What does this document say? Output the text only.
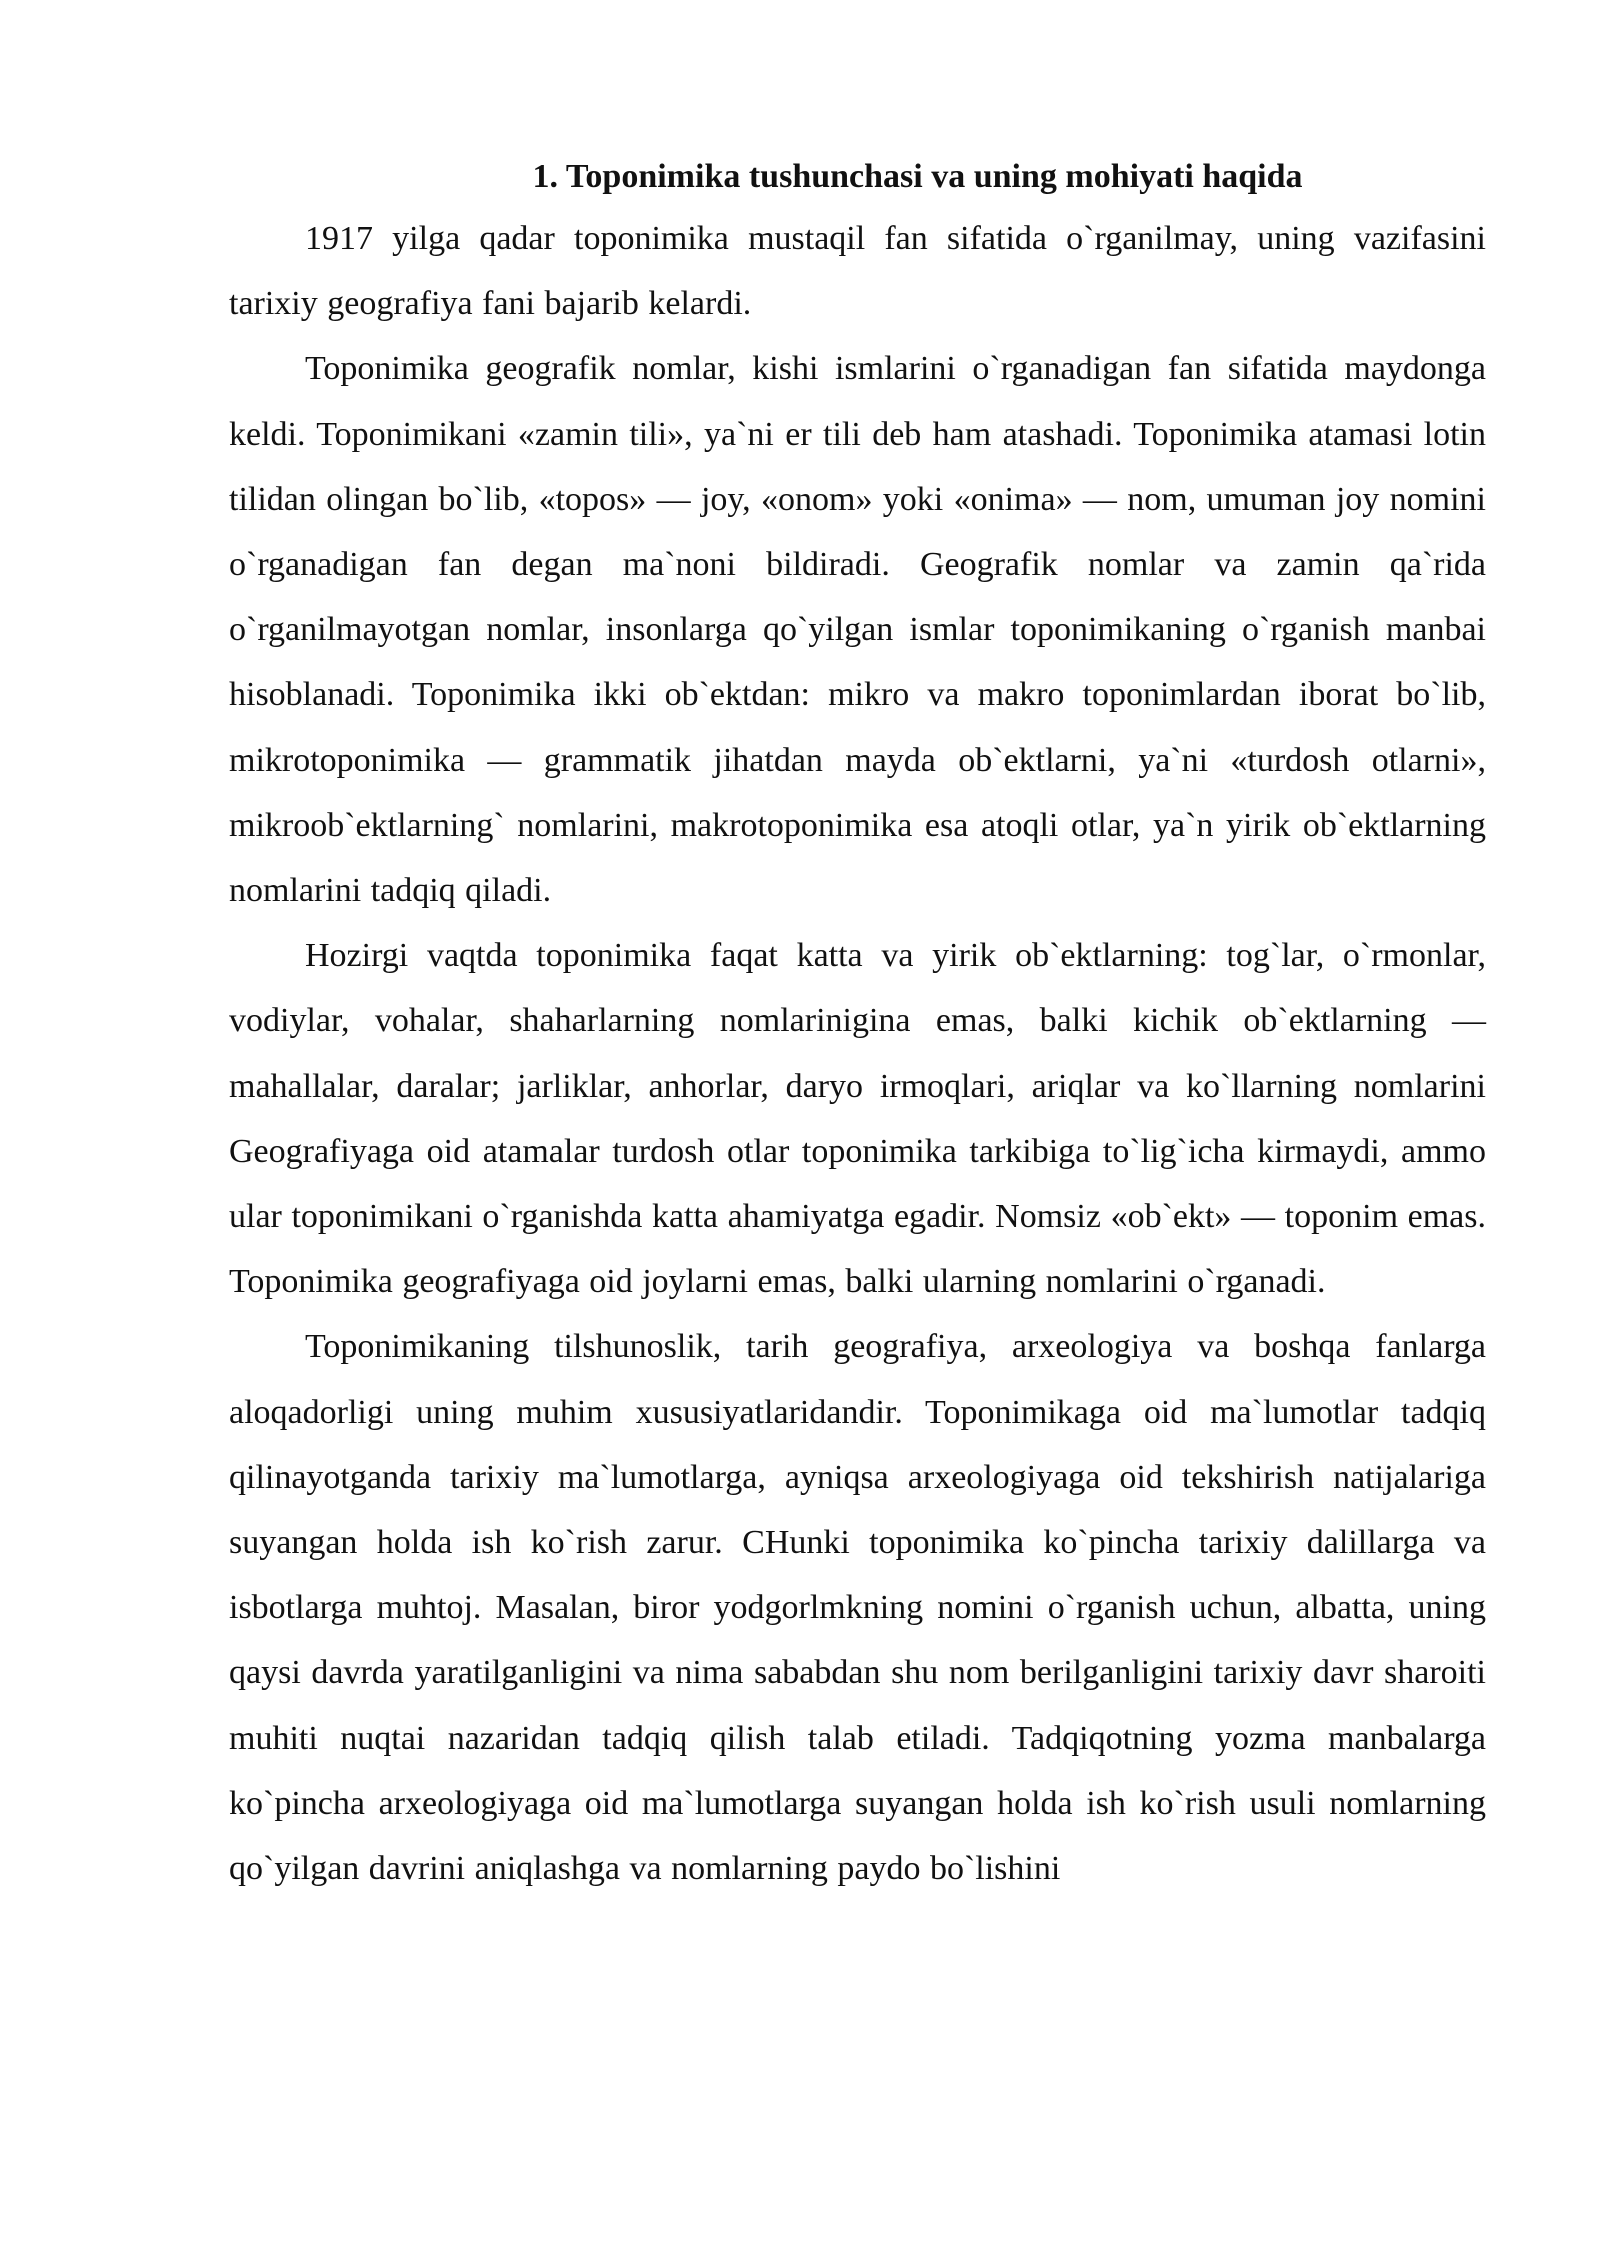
1. Toponimika tushunchasi va uning mohiyati haqida

1917 yilga qadar toponimika mustaqil fan sifatida o`rganilmay, uning vazifasini tarixiy geografiya fani bajarib kelardi.

Toponimika geografik nomlar, kishi ismlarini o`rganadigan fan sifatida maydonga keldi. Toponimikani «zamin tili», ya`ni er tili deb ham atashadi. Toponimika atamasi lotin tilidan olingan bo`lib, «topos» — joy, «onom» yoki «onima» — nom, umuman joy nomini o`rganadigan fan degan ma`noni bildiradi. Geografik nomlar va zamin qa`rida o`rganilmayotgan nomlar, insonlarga qo`yilgan ismlar toponimikaning o`rganish manbai hisoblanadi. Toponimika ikki ob`ektdan: mikro va makro toponimlardan iborat bo`lib, mikrotoponimika — grammatik jihatdan mayda ob`ektlarni, ya`ni «turdosh otlarni», mikroob`ektlarning` nomlarini, makrotoponimika esa atoqli otlar, ya`n yirik ob`ektlarning nomlarini tadqiq qiladi.

Hozirgi vaqtda toponimika faqat katta va yirik ob`ektlarning: tog`lar, o`rmonlar, vodiylar, vohalar, shaharlarning nomlarinigina emas, balki kichik ob`ektlarning — mahallalar, daralar; jarliklar, anhorlar, daryo irmoqlari, ariqlar va ko`llarning nomlarini Geografiyaga oid atamalar turdosh otlar toponimika tarkibiga to`lig`icha kirmaydi, ammo ular toponimikani o`rganishda katta ahamiyatga egadir. Nomsiz «ob`ekt» — toponim emas. Toponimika geografiyaga oid joylarni emas, balki ularning nomlarini o`rganadi.

Toponimikaning tilshunoslik, tarih geografiya, arxeologiya va boshqa fanlarga aloqadorligi uning muhim xususiyatlaridandir. Toponimikaga oid ma`lumotlar tadqiq qilinayotganda tarixiy ma`lumotlarga, ayniqsa arxeologiyaga oid tekshirish natijalariga suyangan holda ish ko`rish zarur. CHunki toponimika ko`pincha tarixiy dalillarga va isbotlarga muhtoj. Masalan, biror yodgorlmkning nomini o`rganish uchun, albatta, uning qaysi davrda yaratilganligini va nima sababdan shu nom berilganligini tarixiy davr sharoiti muhiti nuqtai nazaridan tadqiq qilish talab etiladi. Tadqiqotning yozma manbalarga ko`pincha arxeologiyaga oid ma`lumotlarga suyangan holda ish ko`rish usuli nomlarning qo`yilgan davrini aniqlashga va nomlarning paydo bo`lishini
